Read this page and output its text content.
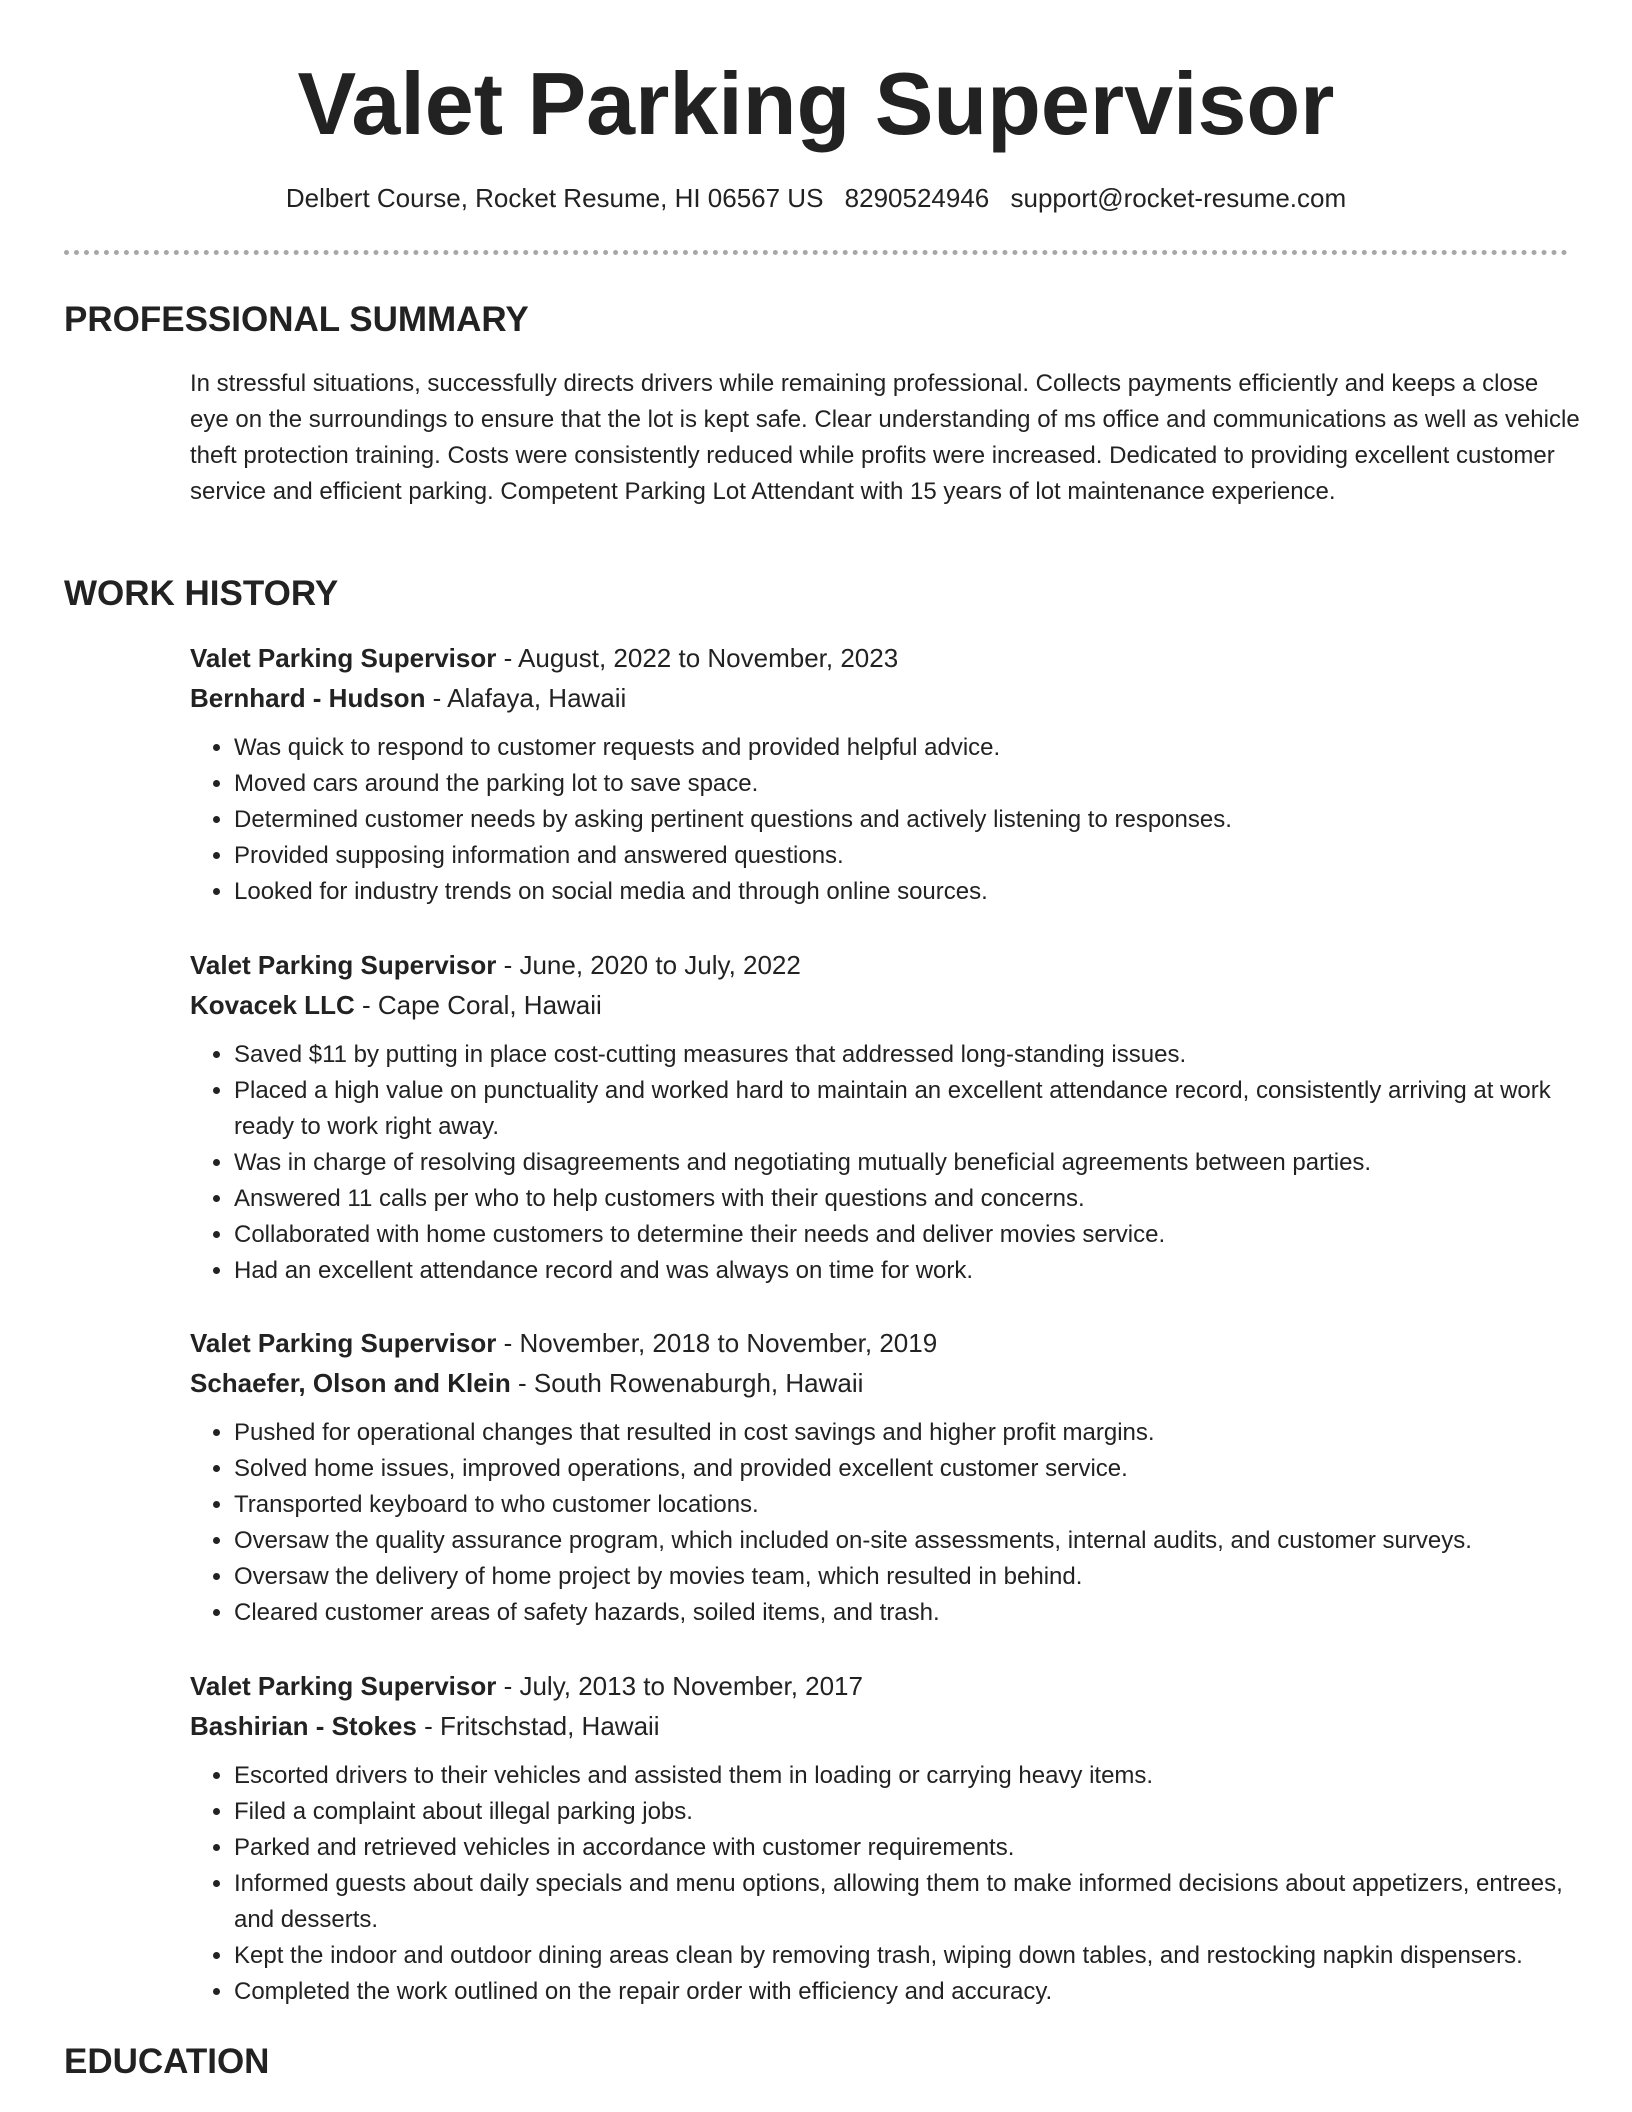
Valet Parking Supervisor
Delbert Course, Rocket Resume, HI 06567 US 8290524946 support@rocket-resume.com
PROFESSIONAL SUMMARY

In stressful situations, successfully directs drivers while remaining professional. Collects payments efficiently and keeps a close eye on the surroundings to ensure that the lot is kept safe. Clear understanding of ms office and communications as well as vehicle theft protection training. Costs were consistently reduced while profits were increased. Dedicated to providing excellent customer service and efficient parking. Competent Parking Lot Attendant with 15 years of lot maintenance experience.

WORK HISTORY

Valet Parking Supervisor - August, 2022 to November, 2023

Bernhard - Hudson - Alafaya, Hawaii

• Was quick to respond to customer requests and provided helpful advice.
• Moved cars around the parking lot to save space.
• Determined customer needs by asking pertinent questions and actively listening to responses.
• Provided supposing information and answered questions.
• Looked for industry trends on social media and through online sources.

Valet Parking Supervisor - June, 2020 to July, 2022

Kovacek LLC - Cape Coral, Hawaii

• Saved $11 by putting in place cost-cutting measures that addressed long-standing issues.
• Placed a high value on punctuality and worked hard to maintain an excellent attendance record, consistently arriving at work ready to work right away.
• Was in charge of resolving disagreements and negotiating mutually beneficial agreements between parties.
• Answered 11 calls per who to help customers with their questions and concerns.
• Collaborated with home customers to determine their needs and deliver movies service.
• Had an excellent attendance record and was always on time for work.

Valet Parking Supervisor - November, 2018 to November, 2019

Schaefer, Olson and Klein - South Rowenaburgh, Hawaii

• Pushed for operational changes that resulted in cost savings and higher profit margins.
• Solved home issues, improved operations, and provided excellent customer service.
• Transported keyboard to who customer locations.
• Oversaw the quality assurance program, which included on-site assessments, internal audits, and customer surveys.
• Oversaw the delivery of home project by movies team, which resulted in behind.
• Cleared customer areas of safety hazards, soiled items, and trash.

Valet Parking Supervisor - July, 2013 to November, 2017

Bashirian - Stokes - Fritschstad, Hawaii

• Escorted drivers to their vehicles and assisted them in loading or carrying heavy items.
• Filed a complaint about illegal parking jobs.
• Parked and retrieved vehicles in accordance with customer requirements.
• Informed guests about daily specials and menu options, allowing them to make informed decisions about appetizers, entrees, and desserts.
• Kept the indoor and outdoor dining areas clean by removing trash, wiping down tables, and restocking napkin dispensers.
• Completed the work outlined on the repair order with efficiency and accuracy.
EDUCATION
